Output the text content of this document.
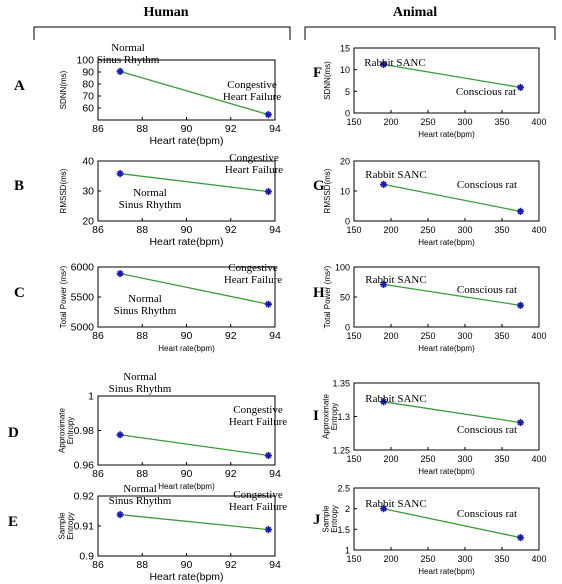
Human	Animal
A
86	88	90	92	94
60
70
80
90
100
Heart rate(bpm)
SDNN(ms)
Normal Sinus Rhythm
Congestive Heart Failure
B
86	88	90	92	94
20
30
40
Heart rate(bpm)
RMSSD(ms)	Normal Sinus Rhythm
Congestive Heart Failure
C
86	88	90	92	94
5000
5500
6000
Heart rate(bpm)
Total Power (ms²)	Normal Sinus Rhythm
Congestive Heart Failure
D
86	88	90	92	94
0.96
0.98
1
Heart rate(bpm)
ApproximateEntropy
Normal Sinus Rhythm
Congestive Heart Failure
E
86	88	90	92	94
0.9
0.91
0.92
Heart rate(bpm)
SampleEntropy
Normal Sinus Rhythm
Congestive Heart Failure
F
150 200 250 300 350 400
0
5
10
15
Heart rate(bpm)
SDNN(ms)	Rabbit SANC
Conscious rat
G
150 200 250 300 350 400
0
10
20
Heart rate(bpm)
RMSSD(ms)	Rabbit SANC
Conscious rat
H
150 200 250 300 350 400
0
50
100
Heart rate(bpm)
Total Power (ms²)	Rabbit SANC
Conscious rat
I
150 200 250 300 350 400
1.25
1.3
1.35
Heart rate(bpm)
ApproximateEntropy
Rabbit SANC
Conscious rat
J
150 200 250 300 350 400
1
1.5
2
2.5
Heart rate(bpm)
SampleEntropy
Rabbit SANC
Conscious rat
